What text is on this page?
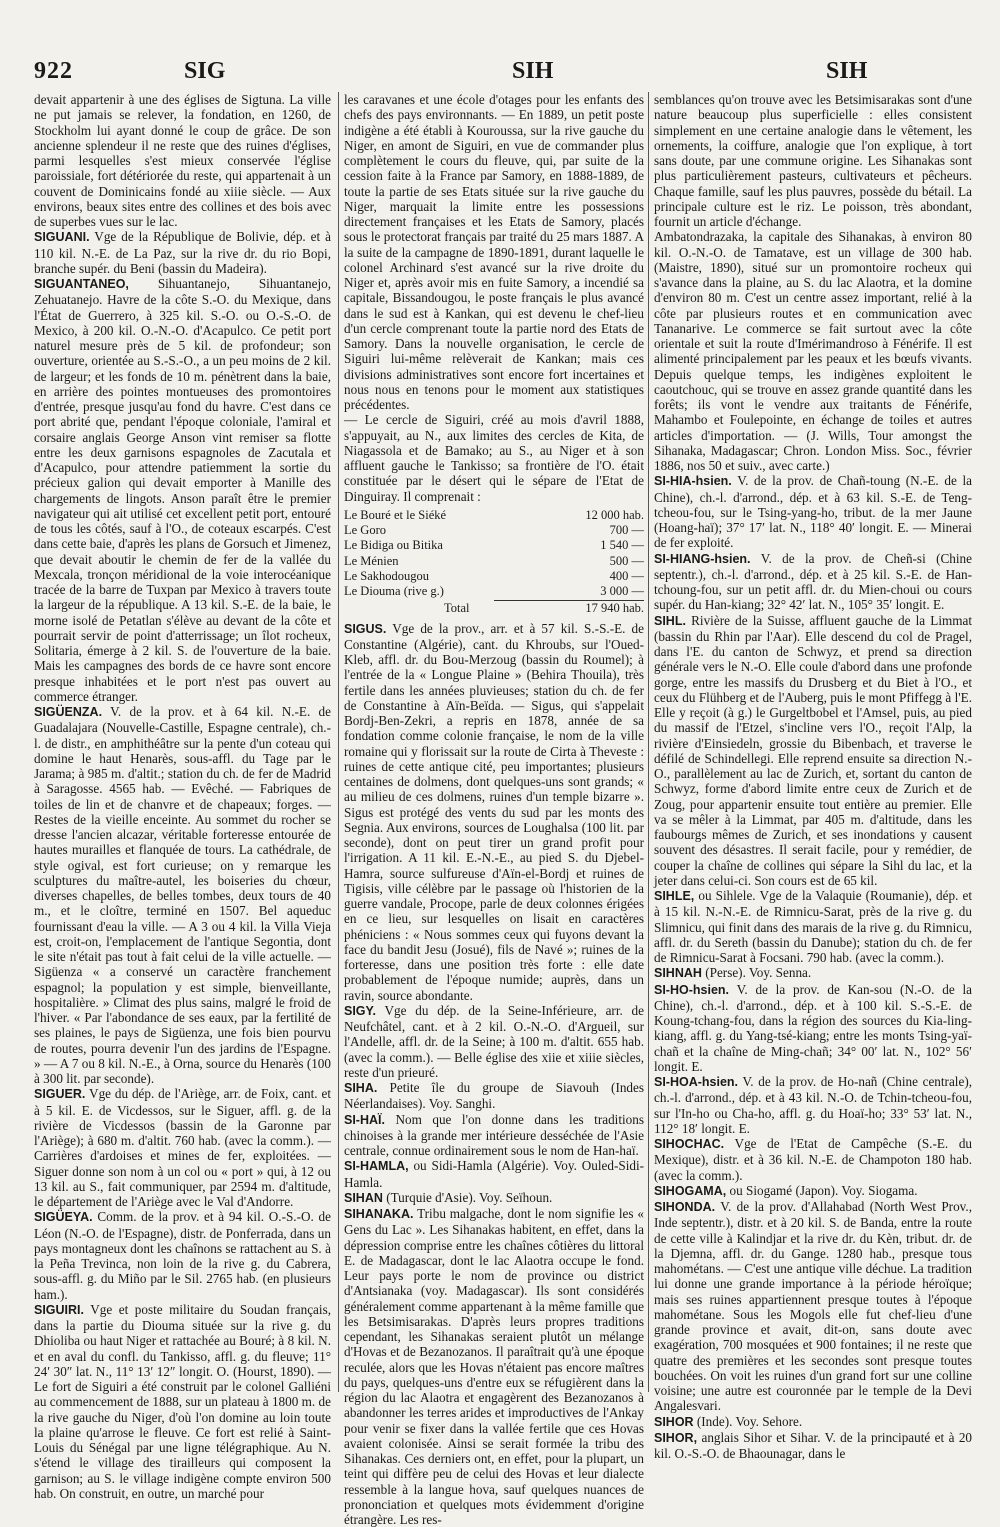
922	SIG	SIH	SIH

devait appartenir à une des églises de Sigtuna. La ville ne put jamais se relever, la fondation, en 1260, de Stockholm lui ayant donné le coup de grâce. De son ancienne splendeur il ne reste que des ruines d'églises, parmi lesquelles s'est mieux conservée l'église paroissiale, fort détériorée du reste, qui appartenait à un couvent de Dominicains fondé au xiiie siècle. — Aux environs, beaux sites entre des collines et des bois avec de superbes vues sur le lac.

SIGUANI. Vge de la République de Bolivie, dép. et à 110 kil. N.-E. de La Paz, sur la rive dr. du rio Bopi, branche supér. du Beni (bassin du Madeira).

SIGUANTANEO, Sihuantanejo, Sihuantanejo, Zehuatanejo. Havre de la côte S.-O. du Mexique, dans l'État de Guerrero, à 325 kil. S.-O. ou O.-S.-O. de Mexico, à 200 kil. O.-N.-O. d'Acapulco. Ce petit port naturel mesure près de 5 kil. de profondeur; son ouverture, orientée au S.-S.-O., a un peu moins de 2 kil. de largeur; et les fonds de 10 m. pénètrent dans la baie, en arrière des pointes montueuses des promontoires d'entrée, presque jusqu'au fond du havre. C'est dans ce port abrité que, pendant l'époque coloniale, l'amiral et corsaire anglais George Anson vint remiser sa flotte entre les deux garnisons espagnoles de Zacutala et d'Acapulco, pour attendre patiemment la sortie du précieux galion qui devait emporter à Manille des chargements de lingots. Anson paraît être le premier navigateur qui ait utilisé cet excellent petit port, entouré de tous les côtés, sauf à l'O., de coteaux escarpés. C'est dans cette baie, d'après les plans de Gorsuch et Jimenez, que devait aboutir le chemin de fer de la vallée du Mexcala, tronçon méridional de la voie interocéanique tracée de la barre de Tuxpan par Mexico à travers toute la largeur de la république. A 13 kil. S.-E. de la baie, le morne isolé de Petatlan s'élève au devant de la côte et pourrait servir de point d'atterrissage; un îlot rocheux, Solitaria, émerge à 2 kil. S. de l'ouverture de la baie. Mais les campagnes des bords de ce havre sont encore presque inhabitées et le port n'est pas ouvert au commerce étranger.

SIGÜENZA. V. de la prov. et à 64 kil. N.-E. de Guadalajara (Nouvelle-Castille, Espagne centrale), ch.-l. de distr., en amphithéâtre sur la pente d'un coteau qui domine le haut Henarès, sous-affl. du Tage par le Jarama; à 985 m. d'altit.; station du ch. de fer de Madrid à Saragosse. 4565 hab. — Evêché. — Fabriques de toiles de lin et de chanvre et de chapeaux; forges. — Restes de la vieille enceinte. Au sommet du rocher se dresse l'ancien alcazar, véritable forteresse entourée de hautes murailles et flanquée de tours. La cathédrale, de style ogival, est fort curieuse; on y remarque les sculptures du maître-autel, les boiseries du chœur, diverses chapelles, de belles tombes, deux tours de 40 m., et le cloître, terminé en 1507. Bel aqueduc fournissant d'eau la ville. — A 3 ou 4 kil. la Villa Vieja est, croit-on, l'emplacement de l'antique Segontia, dont le site n'était pas tout à fait celui de la ville actuelle. — Sigüenza « a conservé un caractère franchement espagnol; la population y est simple, bienveillante, hospitalière. » Climat des plus sains, malgré le froid de l'hiver. « Par l'abondance de ses eaux, par la fertilité de ses plaines, le pays de Sigüenza, une fois bien pourvu de routes, pourra devenir l'un des jardins de l'Espagne. » — A 7 ou 8 kil. N.-E., à Orna, source du Henarès (100 à 300 lit. par seconde).

SIGUER. Vge du dép. de l'Ariège, arr. de Foix, cant. et à 5 kil. E. de Vicdessos, sur le Siguer, affl. g. de la rivière de Vicdessos (bassin de la Garonne par l'Ariège); à 680 m. d'altit. 760 hab. (avec la comm.). — Carrières d'ardoises et mines de fer, exploitées. — Siguer donne son nom à un col ou « port » qui, à 12 ou 13 kil. au S., fait communiquer, par 2594 m. d'altitude, le département de l'Ariège avec le Val d'Andorre.

SIGÜEYA. Comm. de la prov. et à 94 kil. O.-S.-O. de Léon (N.-O. de l'Espagne), distr. de Ponferrada, dans un pays montagneux dont les chaînons se rattachent au S. à la Peña Trevinca, non loin de la rive g. du Cabrera, sous-affl. g. du Miño par le Sil. 2765 hab. (en plusieurs ham.).

SIGUIRI. Vge et poste militaire du Soudan français, dans la partie du Diouma située sur la rive g. du Dhioliba ou haut Niger et rattachée au Bouré; à 8 kil. N. et en aval du confl. du Tankisso, affl. g. du fleuve; 11° 24′ 30″ lat. N., 11° 13′ 12″ longit. O. (Hourst, 1890). — Le fort de Siguiri a été construit par le colonel Galliéni au commencement de 1888, sur un plateau à 1800 m. de la rive gauche du Niger, d'où l'on domine au loin toute la plaine qu'arrose le fleuve. Ce fort est relié à Saint-Louis du Sénégal par une ligne télégraphique. Au N. s'étend le village des tirailleurs qui composent la garnison; au S. le village indigène compte environ 500 hab. On construit, en outre, un marché pour

les caravanes et une école d'otages pour les enfants des chefs des pays environnants. — En 1889, un petit poste indigène a été établi à Kouroussa, sur la rive gauche du Niger, en amont de Siguiri, en vue de commander plus complètement le cours du fleuve, qui, par suite de la cession faite à la France par Samory, en 1888-1889, de toute la partie de ses Etats située sur la rive gauche du Niger, marquait la limite entre les possessions directement françaises et les Etats de Samory, placés sous le protectorat français par traité du 25 mars 1887. A la suite de la campagne de 1890-1891, durant laquelle le colonel Archinard s'est avancé sur la rive droite du Niger et, après avoir mis en fuite Samory, a incendié sa capitale, Bissandougou, le poste français le plus avancé dans le sud est à Kankan, qui est devenu le chef-lieu d'un cercle comprenant toute la partie nord des Etats de Samory. Dans la nouvelle organisation, le cercle de Siguiri lui-même relèverait de Kankan; mais ces divisions administratives sont encore fort incertaines et nous nous en tenons pour le moment aux statistiques précédentes.

— Le cercle de Siguiri, créé au mois d'avril 1888, s'appuyait, au N., aux limites des cercles de Kita, de Niagassola et de Bamako; au S., au Niger et à son affluent gauche le Tankisso; sa frontière de l'O. était constituée par le désert qui le sépare de l'Etat de Dinguiray. Il comprenait :

Le Bouré et le Siéké	12 000 hab.
Le Goro	700 —
Le Bidiga ou Bitika	1 540 —
Le Ménien	500 —
Le Sakhodougou	400 —
Le Diouma (rive g.)	3 000 —
Total	17 940 hab.

SIGUS. Vge de la prov., arr. et à 57 kil. S.-S.-E. de Constantine (Algérie), cant. du Khroubs, sur l'Oued-Kleb, affl. dr. du Bou-Merzoug (bassin du Roumel); à l'entrée de la « Longue Plaine » (Behira Thouila), très fertile dans les années pluvieuses; station du ch. de fer de Constantine à Aïn-Beïda. — Sigus, qui s'appelait Bordj-Ben-Zekri, a repris en 1878, année de sa fondation comme colonie française, le nom de la ville romaine qui y florissait sur la route de Cirta à Theveste : ruines de cette antique cité, peu importantes; plusieurs centaines de dolmens, dont quelques-uns sont grands; « au milieu de ces dolmens, ruines d'un temple bizarre ». Sigus est protégé des vents du sud par les monts des Segnia. Aux environs, sources de Loughalsa (100 lit. par seconde), dont on peut tirer un grand profit pour l'irrigation. A 11 kil. E.-N.-E., au pied S. du Djebel-Hamra, source sulfureuse d'Aïn-el-Bordj et ruines de Tigisis, ville célèbre par le passage où l'historien de la guerre vandale, Procope, parle de deux colonnes érigées en ce lieu, sur lesquelles on lisait en caractères phéniciens : « Nous sommes ceux qui fuyons devant la face du bandit Jesu (Josué), fils de Navé »; ruines de la forteresse, dans une position très forte : elle date probablement de l'époque numide; auprès, dans un ravin, source abondante.

SIGY. Vge du dép. de la Seine-Inférieure, arr. de Neufchâtel, cant. et à 2 kil. O.-N.-O. d'Argueil, sur l'Andelle, affl. dr. de la Seine; à 100 m. d'altit. 655 hab. (avec la comm.). — Belle église des xiie et xiiie siècles, reste d'un prieuré.

SIHA. Petite île du groupe de Siavouh (Indes Néerlandaises). Voy. Sanghi.

SI-HAÏ. Nom que l'on donne dans les traditions chinoises à la grande mer intérieure desséchée de l'Asie centrale, connue ordinairement sous le nom de Han-haï.

SI-HAMLA, ou Sidi-Hamla (Algérie). Voy. Ouled-Sidi-Hamla.

SIHAN (Turquie d'Asie). Voy. Seïhoun.

SIHANAKA. Tribu malgache, dont le nom signifie les « Gens du Lac ». Les Sihanakas habitent, en effet, dans la dépression comprise entre les chaînes côtières du littoral E. de Madagascar, dont le lac Alaotra occupe le fond. Leur pays porte le nom de province ou district d'Antsianaka (voy. Madagascar). Ils sont considérés généralement comme appartenant à la même famille que les Betsimisarakas. D'après leurs propres traditions cependant, les Sihanakas seraient plutôt un mélange d'Hovas et de Bezanozanos. Il paraîtrait qu'à une époque reculée, alors que les Hovas n'étaient pas encore maîtres du pays, quelques-uns d'entre eux se réfugièrent dans la région du lac Alaotra et engagèrent des Bezanozanos à abandonner les terres arides et improductives de l'Ankay pour venir se fixer dans la vallée fertile que ces Hovas avaient colonisée. Ainsi se serait formée la tribu des Sihanakas. Ces derniers ont, en effet, pour la plupart, un teint qui diffère peu de celui des Hovas et leur dialecte ressemble à la langue hova, sauf quelques nuances de prononciation et quelques mots évidemment d'origine étrangère. Les res-

semblances qu'on trouve avec les Betsimisarakas sont d'une nature beaucoup plus superficielle : elles consistent simplement en une certaine analogie dans le vêtement, les ornements, la coiffure, analogie que l'on explique, à tort sans doute, par une commune origine. Les Sihanakas sont plus particulièrement pasteurs, cultivateurs et pêcheurs. Chaque famille, sauf les plus pauvres, possède du bétail. La principale culture est le riz. Le poisson, très abondant, fournit un article d'échange.

Ambatondrazaka, la capitale des Sihanakas, à environ 80 kil. O.-N.-O. de Tamatave, est un village de 300 hab. (Maistre, 1890), situé sur un promontoire rocheux qui s'avance dans la plaine, au S. du lac Alaotra, et la domine d'environ 80 m. C'est un centre assez important, relié à la côte par plusieurs routes et en communication avec Tananarive. Le commerce se fait surtout avec la côte orientale et suit la route d'Imérimandroso à Fénérife. Il est alimenté principalement par les peaux et les bœufs vivants. Depuis quelque temps, les indigènes exploitent le caoutchouc, qui se trouve en assez grande quantité dans les forêts; ils vont le vendre aux traitants de Fénérife, Mahambo et Foulepointe, en échange de toiles et autres articles d'importation. — (J. Wills, Tour amongst the Sihanaka, Madagascar; Chron. London Miss. Soc., février 1886, nos 50 et suiv., avec carte.)

SI-HIA-hsien. V. de la prov. de Chañ-toung (N.-E. de la Chine), ch.-l. d'arrond., dép. et à 63 kil. S.-E. de Teng-tcheou-fou, sur le Tsing-yang-ho, tribut. de la mer Jaune (Hoang-haï); 37° 17′ lat. N., 118° 40′ longit. E. — Minerai de fer exploité.

SI-HIANG-hsien. V. de la prov. de Cheñ-si (Chine septentr.), ch.-l. d'arrond., dép. et à 25 kil. S.-E. de Han-tchoung-fou, sur un petit affl. dr. du Mien-choui ou cours supér. du Han-kiang; 32° 42′ lat. N., 105° 35′ longit. E.

SIHL. Rivière de la Suisse, affluent gauche de la Limmat (bassin du Rhin par l'Aar). Elle descend du col de Pragel, dans l'E. du canton de Schwyz, et prend sa direction générale vers le N.-O. Elle coule d'abord dans une profonde gorge, entre les massifs du Drusberg et du Biet à l'O., et ceux du Flühberg et de l'Auberg, puis le mont Pfiffegg à l'E. Elle y reçoit (à g.) le Gurgeltbobel et l'Amsel, puis, au pied du massif de l'Etzel, s'incline vers l'O., reçoit l'Alp, la rivière d'Einsiedeln, grossie du Bibenbach, et traverse le défilé de Schindellegi. Elle reprend ensuite sa direction N.-O., parallèlement au lac de Zurich, et, sortant du canton de Schwyz, forme d'abord limite entre ceux de Zurich et de Zoug, pour appartenir ensuite tout entière au premier. Elle va se mêler à la Limmat, par 405 m. d'altitude, dans les faubourgs mêmes de Zurich, et ses inondations y causent souvent des désastres. Il serait facile, pour y remédier, de couper la chaîne de collines qui sépare la Sihl du lac, et la jeter dans celui-ci. Son cours est de 65 kil.

SIHLE, ou Sihlele. Vge de la Valaquie (Roumanie), dép. et à 15 kil. N.-N.-E. de Rimnicu-Sarat, près de la rive g. du Slimnicu, qui finit dans des marais de la rive g. du Rimnicu, affl. dr. du Sereth (bassin du Danube); station du ch. de fer de Rimnicu-Sarat à Focsani. 790 hab. (avec la comm.).

SIHNAH (Perse). Voy. Senna.

SI-HO-hsien. V. de la prov. de Kan-sou (N.-O. de la Chine), ch.-l. d'arrond., dép. et à 100 kil. S.-S.-E. de Koung-tchang-fou, dans la région des sources du Kia-ling-kiang, affl. g. du Yang-tsé-kiang; entre les monts Tsing-yaï-chañ et la chaîne de Ming-chañ; 34° 00′ lat. N., 102° 56′ longit. E.

SI-HOA-hsien. V. de la prov. de Ho-nañ (Chine centrale), ch.-l. d'arrond., dép. et à 43 kil. N.-O. de Tchin-tcheou-fou, sur l'In-ho ou Cha-ho, affl. g. du Hoaï-ho; 33° 53′ lat. N., 112° 18′ longit. E.

SIHOCHAC. Vge de l'Etat de Campêche (S.-E. du Mexique), distr. et à 36 kil. N.-E. de Champoton 180 hab. (avec la comm.).

SIHOGAMA, ou Siogamé (Japon). Voy. Siogama.

SIHONDA. V. de la prov. d'Allahabad (North West Prov., Inde septentr.), distr. et à 20 kil. S. de Banda, entre la route de cette ville à Kalindjar et la rive dr. du Kèn, tribut. dr. de la Djemna, affl. dr. du Gange. 1280 hab., presque tous mahométans. — C'est une antique ville déchue. La tradition lui donne une grande importance à la période héroïque; mais ses ruines appartiennent presque toutes à l'époque mahométane. Sous les Mogols elle fut chef-lieu d'une grande province et avait, dit-on, sans doute avec exagération, 700 mosquées et 900 fontaines; il ne reste que quatre des premières et les secondes sont presque toutes bouchées. On voit les ruines d'un grand fort sur une colline voisine; une autre est couronnée par le temple de la Devi Angalesvari.

SIHOR (Inde). Voy. Sehore.

SIHOR, anglais Sihor et Sihar. V. de la principauté et à 20 kil. O.-S.-O. de Bhaounagar, dans le
